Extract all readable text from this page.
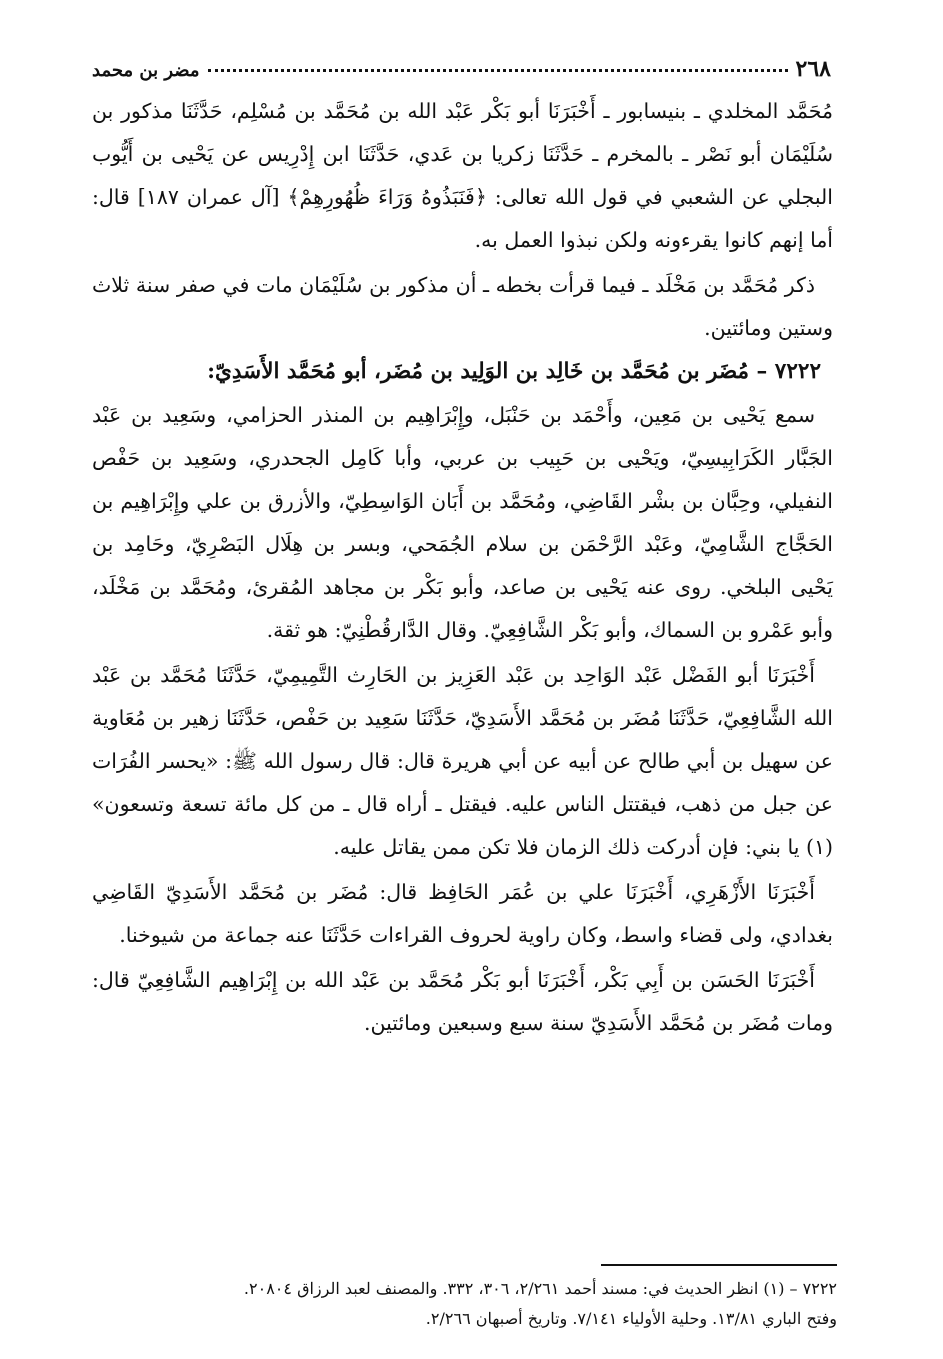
٢٦٨
مضر بن محمد

مُحَمَّد المخلدي ـ بنيسابور ـ أَخْبَرَنَا أبو بَكْر عَبْد الله بن مُحَمَّد بن مُسْلِم، حَدَّثَنَا مذكور بن سُلَيْمَان أبو نَصْر ـ بالمخرم ـ حَدَّثَنَا زكريا بن عَدي، حَدَّثَنَا ابن إِدْرِيس عن يَحْيى بن أَيُّوب البجلي عن الشعبي في قول الله تعالى: ﴿فَنَبَذُوهُ وَرَاءَ ظُهُورِهِمْ﴾ [آل عمران ١٨٧] قال: أما إنهم كانوا يقرءونه ولكن نبذوا العمل به.

ذكر مُحَمَّد بن مَخْلَد ـ فيما قرأت بخطه ـ أن مذكور بن سُلَيْمَان مات في صفر سنة ثلاث وستين ومائتين.

٧٢٢٢ – مُضَر بن مُحَمَّد بن خَالِد بن الوَلِيد بن مُضَر، أبو مُحَمَّد الأَسَدِيّ:

سمع يَحْيى بن مَعِين، وأَحْمَد بن حَنْبَل، وإِبْرَاهِيم بن المنذر الحزامي، وسَعِيد بن عَبْد الجَبَّار الكَرَابِيسِيّ، ويَحْيى بن حَبِيب بن عربي، وأبا كَامِل الجحدري، وسَعِيد بن حَفْص النفيلي، وحِبَّان بن بشْر القَاضِي، ومُحَمَّد بن أَبَان الوَاسِطِيّ، والأزرق بن علي وإِبْرَاهِيم بن الحَجَّاج الشَّامِيّ، وعَبْد الرَّحْمَن بن سلام الجُمَحي، وبسر بن هِلَال البَصْرِيّ، وحَامِد بن يَحْيى البلخي. روى عنه يَحْيى بن صاعد، وأبو بَكْر بن مجاهد المُقرئ، ومُحَمَّد بن مَخْلَد، وأبو عَمْرو بن السماك، وأبو بَكْر الشَّافِعِيّ. وقال الدَّارقُطْنِيّ: هو ثقة.

أَخْبَرَنَا أبو الفَضْل عَبْد الوَاحِد بن عَبْد العَزِيز بن الحَارِث التَّمِيمِيّ، حَدَّثَنَا مُحَمَّد بن عَبْد الله الشَّافِعِيّ، حَدَّثَنَا مُضَر بن مُحَمَّد الأَسَدِيّ، حَدَّثَنَا سَعِيد بن حَفْص، حَدَّثَنَا زهير بن مُعَاوية عن سهيل بن أبي طالح عن أبيه عن أبي هريرة قال: قال رسول الله ﷺ: «يحسر الفُرَات عن جبل من ذهب، فيقتتل الناس عليه. فيقتل ـ أراه قال ـ من كل مائة تسعة وتسعون» (١) يا بني: فإن أدركت ذلك الزمان فلا تكن ممن يقاتل عليه.

أَخْبَرَنَا الأَزْهَرِي، أَخْبَرَنَا علي بن عُمَر الحَافِظ قال: مُضَر بن مُحَمَّد الأَسَدِيّ القَاضِي بغدادي، ولى قضاء واسط، وكان راوية لحروف القراءات حَدَّثَنَا عنه جماعة من شيوخنا.

أَخْبَرَنَا الحَسَن بن أَبِي بَكْر، أَخْبَرَنَا أبو بَكْر مُحَمَّد بن عَبْد الله بن إِبْرَاهِيم الشَّافِعِيّ قال: ومات مُضَر بن مُحَمَّد الأَسَدِيّ سنة سبع وسبعين ومائتين.

٧٢٢٢ – (١) انظر الحديث في: مسند أحمد ٢/٢٦١، ٣٠٦، ٣٣٢. والمصنف لعبد الرزاق ٢٠٨٠٤.

وفتح الباري ١٣/٨١. وحلية الأولياء ٧/١٤١. وتاريخ أصبهان ٢/٢٦٦.
